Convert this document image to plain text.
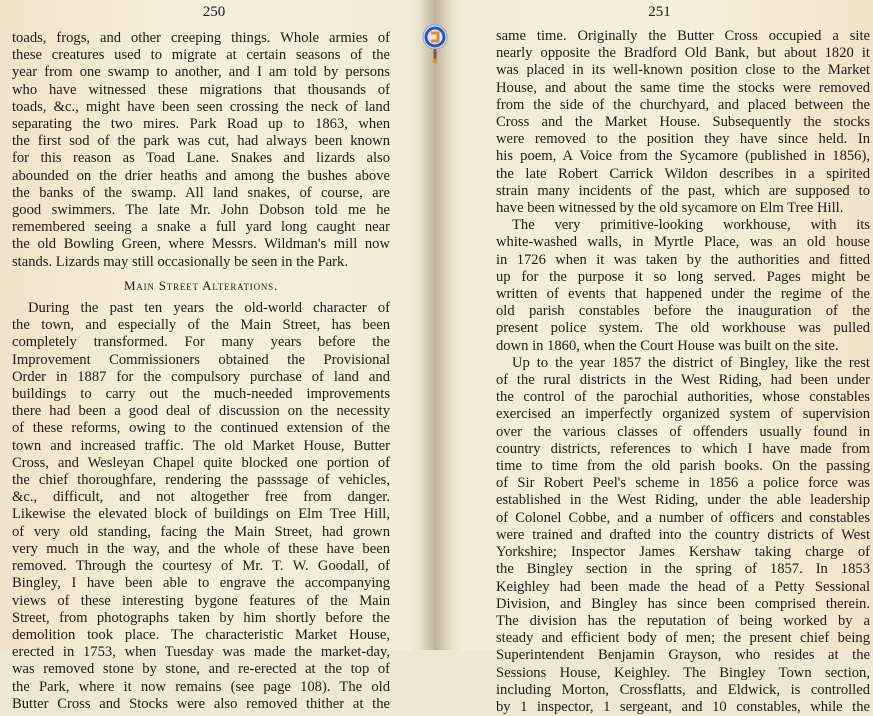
250
toads, frogs, and other creeping things. Whole armies of
these creatures used to migrate at certain seasons of the
year from one swamp to another, and I am told by persons
who have witnessed these migrations that thousands of
toads, &c., might have been seen crossing the neck of land
separating the two mires. Park Road up to 1863, when
the first sod of the park was cut, had always been known
for this reason as Toad Lane. Snakes and lizards also
abounded on the drier heaths and among the bushes above
the banks of the swamp. All land snakes, of course, are
good swimmers. The late Mr. John Dobson told me he
remembered seeing a snake a full yard long caught near
the old Bowling Green, where Messrs. Wildman's mill now
stands. Lizards may still occasionally be seen in the Park.
Main Street Alterations.
During the past ten years the old-world character of
the town, and especially of the Main Street, has been
completely transformed. For many years before the
Improvement Commissioners obtained the Provisional
Order in 1887 for the compulsory purchase of land and
buildings to carry out the much-needed improvements
there had been a good deal of discussion on the necessity
of these reforms, owing to the continued extension of the
town and increased traffic. The old Market House, Butter
Cross, and Wesleyan Chapel quite blocked one portion of
the chief thoroughfare, rendering the passsage of vehicles,
&c., difficult, and not altogether free from danger.
Likewise the elevated block of buildings on Elm Tree Hill,
of very old standing, facing the Main Street, had grown
very much in the way, and the whole of these have been
removed. Through the courtesy of Mr. T. W. Goodall, of
Bingley, I have been able to engrave the accompanying
views of these interesting bygone features of the Main
Street, from photographs taken by him shortly before the
demolition took place. The characteristic Market House,
erected in 1753, when Tuesday was made the market-day,
was removed stone by stone, and re-erected at the top of
the Park, where it now remains (see page 108). The old
Butter Cross and Stocks were also removed thither at the
251
same time. Originally the Butter Cross occupied a site
nearly opposite the Bradford Old Bank, but about 1820 it
was placed in its well-known position close to the Market
House, and about the same time the stocks were removed
from the side of the churchyard, and placed between the
Cross and the Market House. Subsequently the stocks
were removed to the position they have since held. In
his poem, A Voice from the Sycamore (published in 1856),
the late Robert Carrick Wildon describes in a spirited
strain many incidents of the past, which are supposed to
have been witnessed by the old sycamore on Elm Tree Hill.
The very primitive-looking workhouse, with its
white-washed walls, in Myrtle Place, was an old house
in 1726 when it was taken by the authorities and fitted
up for the purpose it so long served. Pages might be
written of events that happened under the regime of the
old parish constables before the inauguration of the
present police system. The old workhouse was pulled
down in 1860, when the Court House was built on the site.
Up to the year 1857 the district of Bingley, like the rest
of the rural districts in the West Riding, had been under
the control of the parochial authorities, whose constables
exercised an imperfectly organized system of supervision
over the various classes of offenders usually found in
country districts, references to which I have made from
time to time from the old parish books. On the passing
of Sir Robert Peel's scheme in 1856 a police force was
established in the West Riding, under the able leadership
of Colonel Cobbe, and a number of officers and constables
were trained and drafted into the country districts of West
Yorkshire; Inspector James Kershaw taking charge of
the Bingley section in the spring of 1857. In 1853
Keighley had been made the head of a Petty Sessional
Division, and Bingley has since been comprised therein.
The division has the reputation of being worked by a
steady and efficient body of men; the present chief being
Superintendent Benjamin Grayson, who resides at the
Sessions House, Keighley. The Bingley Town section,
including Morton, Crossflatts, and Eldwick, is controlled
by 1 inspector, 1 sergeant, and 10 constables, while the
